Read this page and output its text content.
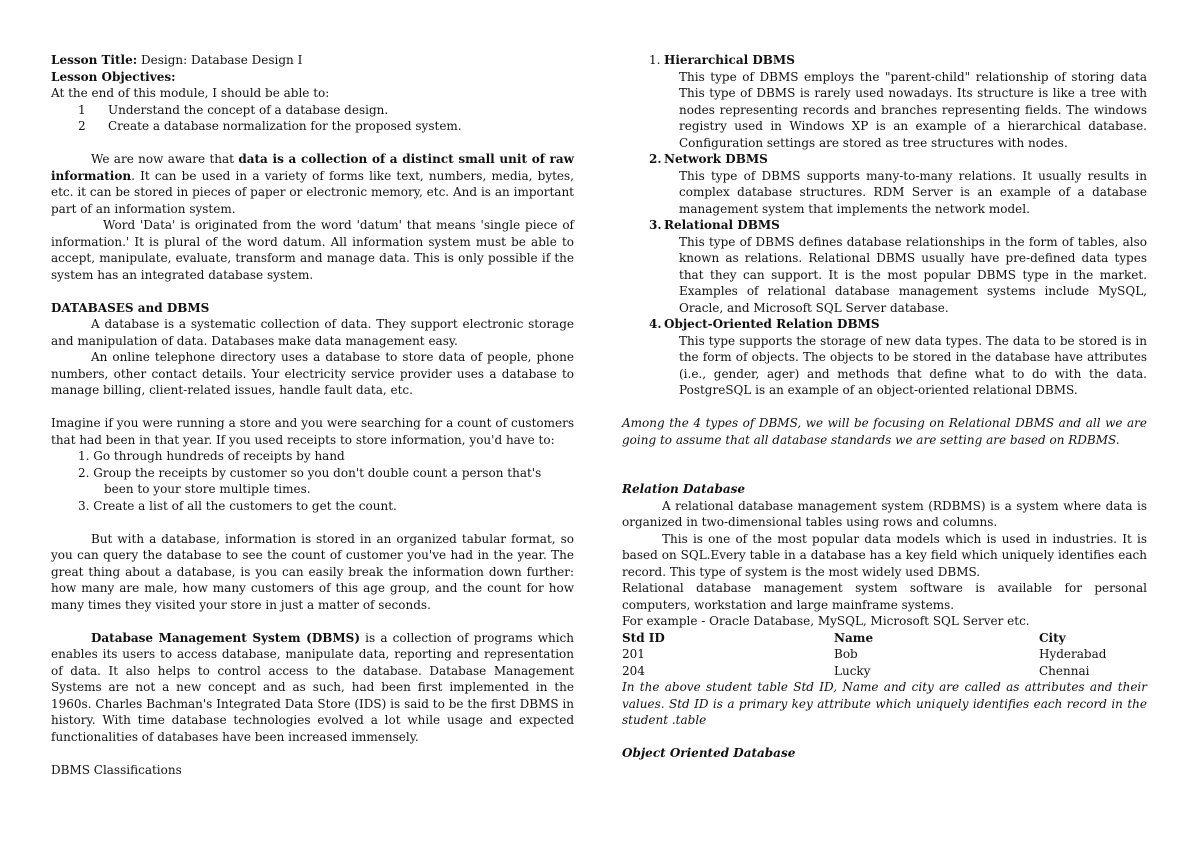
Lesson Title: Design: Database Design I

Lesson Objectives:

At the end of this module, I should be able to:

1	Understand the concept of a database design.
2	Create a database normalization for the proposed system.

We are now aware that data is a collection of a distinct small unit of raw information. It can be used in a variety of forms like text, numbers, media, bytes, etc. it can be stored in pieces of paper or electronic memory, etc. And is an important part of an information system.

Word 'Data' is originated from the word 'datum' that means 'single piece of information.' It is plural of the word datum. All information system must be able to accept, manipulate, evaluate, transform and manage data. This is only possible if the system has an integrated database system.

DATABASES and DBMS

A database is a systematic collection of data. They support electronic storage and manipulation of data. Databases make data management easy.

An online telephone directory uses a database to store data of people, phone numbers, other contact details. Your electricity service provider uses a database to manage billing, client-related issues, handle fault data, etc.

Imagine if you were running a store and you were searching for a count of customers that had been in that year. If you used receipts to store information, you'd have to:

1. Go through hundreds of receipts by hand

2. Group the receipts by customer so you don't double count a person that's been to your store multiple times.

3. Create a list of all the customers to get the count.

But with a database, information is stored in an organized tabular format, so you can query the database to see the count of customer you've had in the year. The great thing about a database, is you can easily break the information down further: how many are male, how many customers of this age group, and the count for how many times they visited your store in just a matter of seconds.

Database Management System (DBMS) is a collection of programs which enables its users to access database, manipulate data, reporting and representation of data. It also helps to control access to the database. Database Management Systems are not a new concept and as such, had been first implemented in the 1960s. Charles Bachman's Integrated Data Store (IDS) is said to be the first DBMS in history. With time database technologies evolved a lot while usage and expected functionalities of databases have been increased immensely.

DBMS Classifications

1. Hierarchical DBMS

This type of DBMS employs the "parent-child" relationship of storing data This type of DBMS is rarely used nowadays. Its structure is like a tree with nodes representing records and branches representing fields. The windows registry used in Windows XP is an example of a hierarchical database. Configuration settings are stored as tree structures with nodes.

2. Network DBMS

This type of DBMS supports many-to-many relations. It usually results in complex database structures. RDM Server is an example of a database management system that implements the network model.

3. Relational DBMS

This type of DBMS defines database relationships in the form of tables, also known as relations. Relational DBMS usually have pre-defined data types that they can support. It is the most popular DBMS type in the market. Examples of relational database management systems include MySQL, Oracle, and Microsoft SQL Server database.

4. Object-Oriented Relation DBMS

This type supports the storage of new data types. The data to be stored is in the form of objects. The objects to be stored in the database have attributes (i.e., gender, ager) and methods that define what to do with the data. PostgreSQL is an example of an object-oriented relational DBMS.

Among the 4 types of DBMS, we will be focusing on Relational DBMS and all we are going to assume that all database standards we are setting are based on RDBMS.

Relation Database

A relational database management system (RDBMS) is a system where data is organized in two-dimensional tables using rows and columns.

This is one of the most popular data models which is used in industries. It is based on SQL.Every table in a database has a key field which uniquely identifies each record. This type of system is the most widely used DBMS.

Relational database management system software is available for personal computers, workstation and large mainframe systems.

For example - Oracle Database, MySQL, Microsoft SQL Server etc.

Std ID	Name	City
201	Bob	Hyderabad
204	Lucky	Chennai

In the above student table Std ID, Name and city are called as attributes and their values. Std ID is a primary key attribute which uniquely identifies each record in the student .table

Object Oriented Database
